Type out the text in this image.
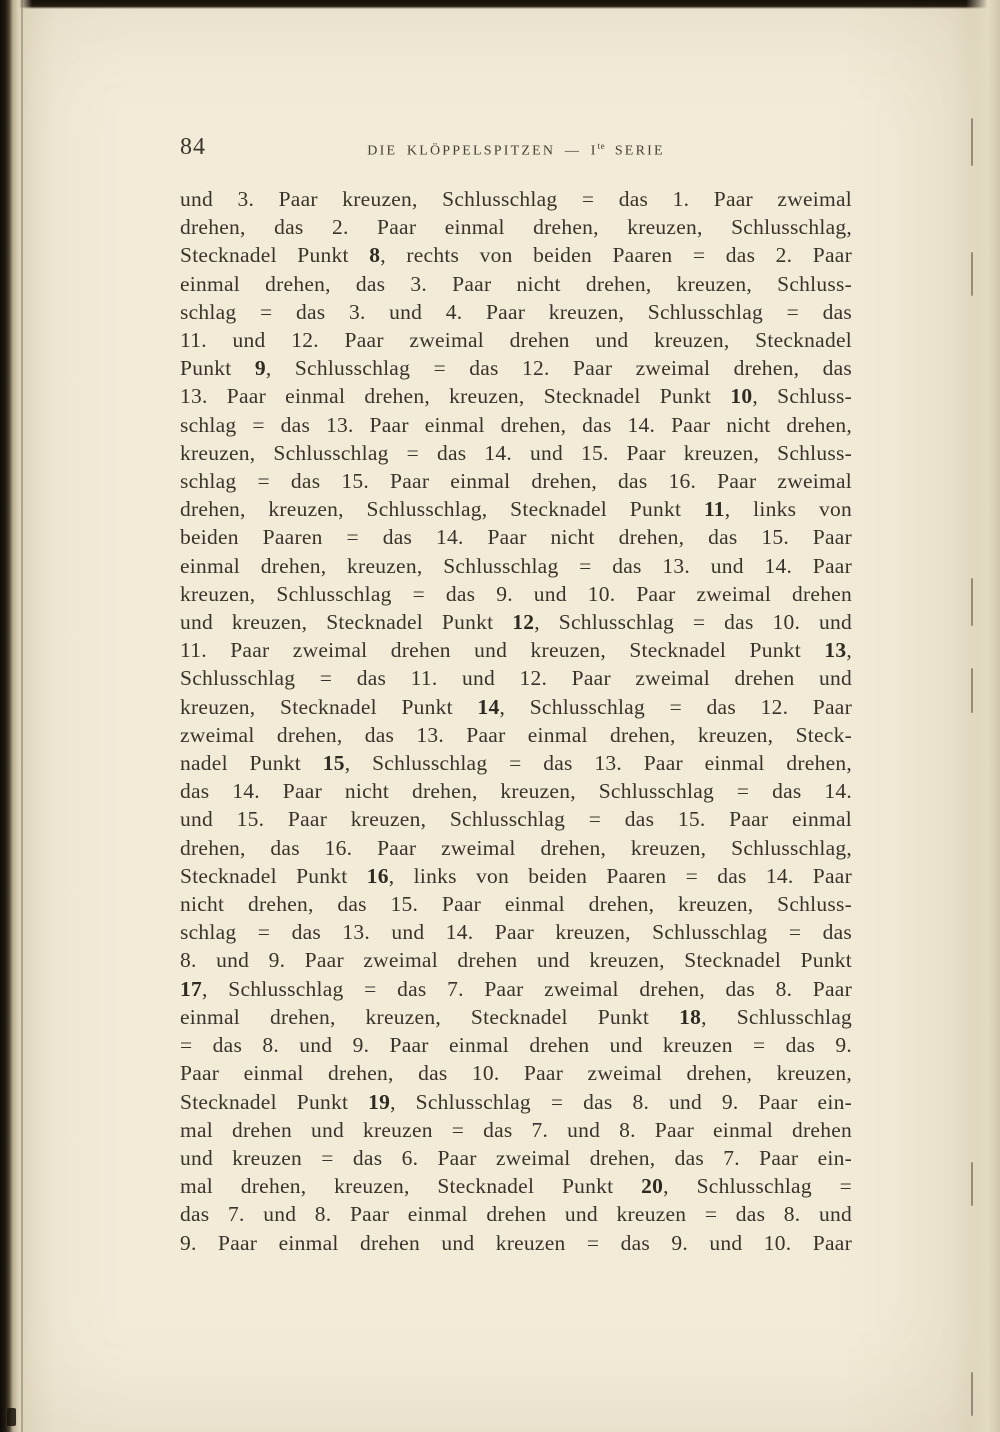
84	DIE KLÖPPELSPITZEN — $I^{te}$ SERIE
und 3. Paar kreuzen, Schlusschlag = das 1. Paar zweimal
drehen, das 2. Paar einmal drehen, kreuzen, Schlusschlag,
Stecknadel Punkt 8, rechts von beiden Paaren = das 2. Paar
einmal drehen, das 3. Paar nicht drehen, kreuzen, Schluss-
schlag = das 3. und 4. Paar kreuzen, Schlusschlag = das
11. und 12. Paar zweimal drehen und kreuzen, Stecknadel
Punkt 9, Schlusschlag = das 12. Paar zweimal drehen, das
13. Paar einmal drehen, kreuzen, Stecknadel Punkt 10, Schluss-
schlag = das 13. Paar einmal drehen, das 14. Paar nicht drehen,
kreuzen, Schlusschlag = das 14. und 15. Paar kreuzen, Schluss-
schlag = das 15. Paar einmal drehen, das 16. Paar zweimal
drehen, kreuzen, Schlusschlag, Stecknadel Punkt 11, links von
beiden Paaren = das 14. Paar nicht drehen, das 15. Paar
einmal drehen, kreuzen, Schlusschlag = das 13. und 14. Paar
kreuzen, Schlusschlag = das 9. und 10. Paar zweimal drehen
und kreuzen, Stecknadel Punkt 12, Schlusschlag = das 10. und
11. Paar zweimal drehen und kreuzen, Stecknadel Punkt 13,
Schlusschlag = das 11. und 12. Paar zweimal drehen und
kreuzen, Stecknadel Punkt 14, Schlusschlag = das 12. Paar
zweimal drehen, das 13. Paar einmal drehen, kreuzen, Steck-
nadel Punkt 15, Schlusschlag = das 13. Paar einmal drehen,
das 14. Paar nicht drehen, kreuzen, Schlusschlag = das 14.
und 15. Paar kreuzen, Schlusschlag = das 15. Paar einmal
drehen, das 16. Paar zweimal drehen, kreuzen, Schlusschlag,
Stecknadel Punkt 16, links von beiden Paaren = das 14. Paar
nicht drehen, das 15. Paar einmal drehen, kreuzen, Schluss-
schlag = das 13. und 14. Paar kreuzen, Schlusschlag = das
8. und 9. Paar zweimal drehen und kreuzen, Stecknadel Punkt
17, Schlusschlag = das 7. Paar zweimal drehen, das 8. Paar
einmal drehen, kreuzen, Stecknadel Punkt 18, Schlusschlag
= das 8. und 9. Paar einmal drehen und kreuzen = das 9.
Paar einmal drehen, das 10. Paar zweimal drehen, kreuzen,
Stecknadel Punkt 19, Schlusschlag = das 8. und 9. Paar ein-
mal drehen und kreuzen = das 7. und 8. Paar einmal drehen
und kreuzen = das 6. Paar zweimal drehen, das 7. Paar ein-
mal drehen, kreuzen, Stecknadel Punkt 20, Schlusschlag =
das 7. und 8. Paar einmal drehen und kreuzen = das 8. und
9. Paar einmal drehen und kreuzen = das 9. und 10. Paar
